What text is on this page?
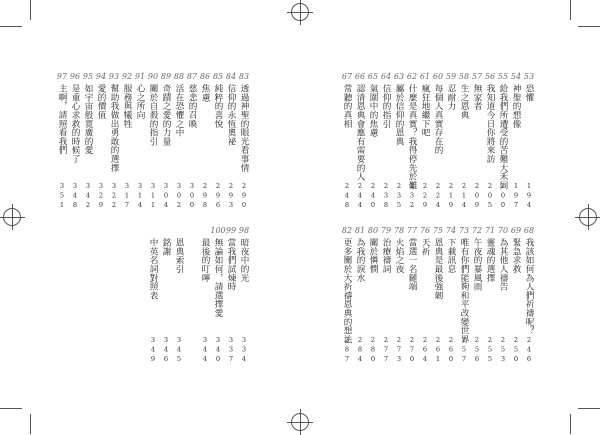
97
主啊，請照看我們
351
96
是重心求救的時候了
348
95
如宇宙般寬廣的愛
342
94
愛的價值
329
93
幫助我做出勇敢的選擇
322
92
服務與犧牲
317
91
心之所向
314
90
關於自殺的指引
311
89
奇蹟之愛的力量
304
88
活在恐懼之中
302
87
慈悲的召喚
300
86
焦慮
298
85
純粹的喜悅
296
84
信仰的永恆奧祕
293
83
透過神聖的眼光看事情
290
中英名詞對照表
349
銘謝
346
恩典索引
345
最後的叮嚀
344
100
無論如何，請選擇愛
340
99
當我們試煉時
337
98
暗夜中的光
334
67
常聽的真相
248
66
認清恩典會應有需要的人
244
65
氣圍中的焦慮
240
64
信仰的指引
238
63
屬於信仰的恩典
235
62
什麼是真實？我得停先於難
232
61
瘋狂地繼下吧
229
60
每個人真實存在的
224
59
忍耐力
219
58
生之恩典
214
57
無家者
209
56
我知道今日你將來訪
205
55
給我們所遭受的苦難大禾同
200
54
神聖的想像
197
53
恐懼
194
82
更多關於大祈禱恩典的想法
287
81
為我的淚水
284
80
關於憐憫
280
79
治療禱詞
277
78
火焰之夜
273
77
當選一名鏈端
270
76
天祈
264
75
恩典是最後強韌
261
74
下載訊息
260
73
唯有你們能夠和平改變世界
257
72
午夜的暴風雨
256
71
靈魂的選擇
255
70
為其他人禱告
253
69
緊急求救
250
68
我該如何為人們祈禱呢？
246
